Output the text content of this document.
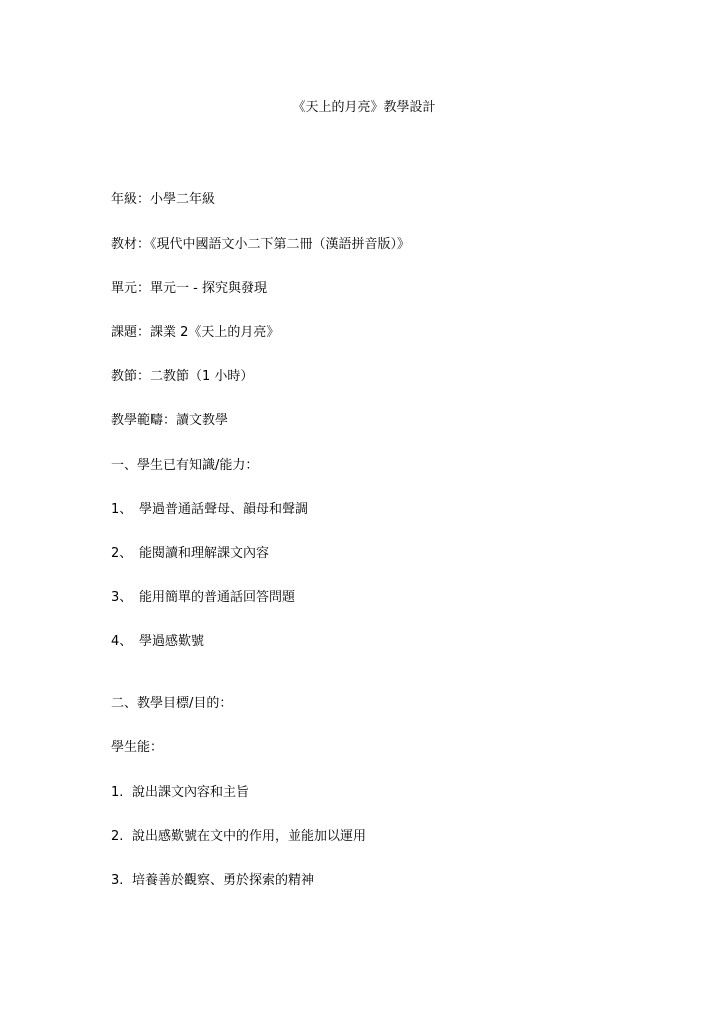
《天上的月亮》教學設計
年級：小學二年級
教材：《現代中國語文小二下第二冊（漢語拼音版）》
單元：單元一 - 探究與發現
課題：課業 2《天上的月亮》
教節：二教節（1 小時）
教學範疇：讀文教學
一、學生已有知識/能力：
1、 學過普通話聲母、韻母和聲調
2、 能閱讀和理解課文內容
3、 能用簡單的普通話回答問題
4、 學過感歎號
二、教學目標/目的：
學生能：
1. 說出課文內容和主旨
2. 說出感歎號在文中的作用，並能加以運用
3. 培養善於觀察、勇於探索的精神
